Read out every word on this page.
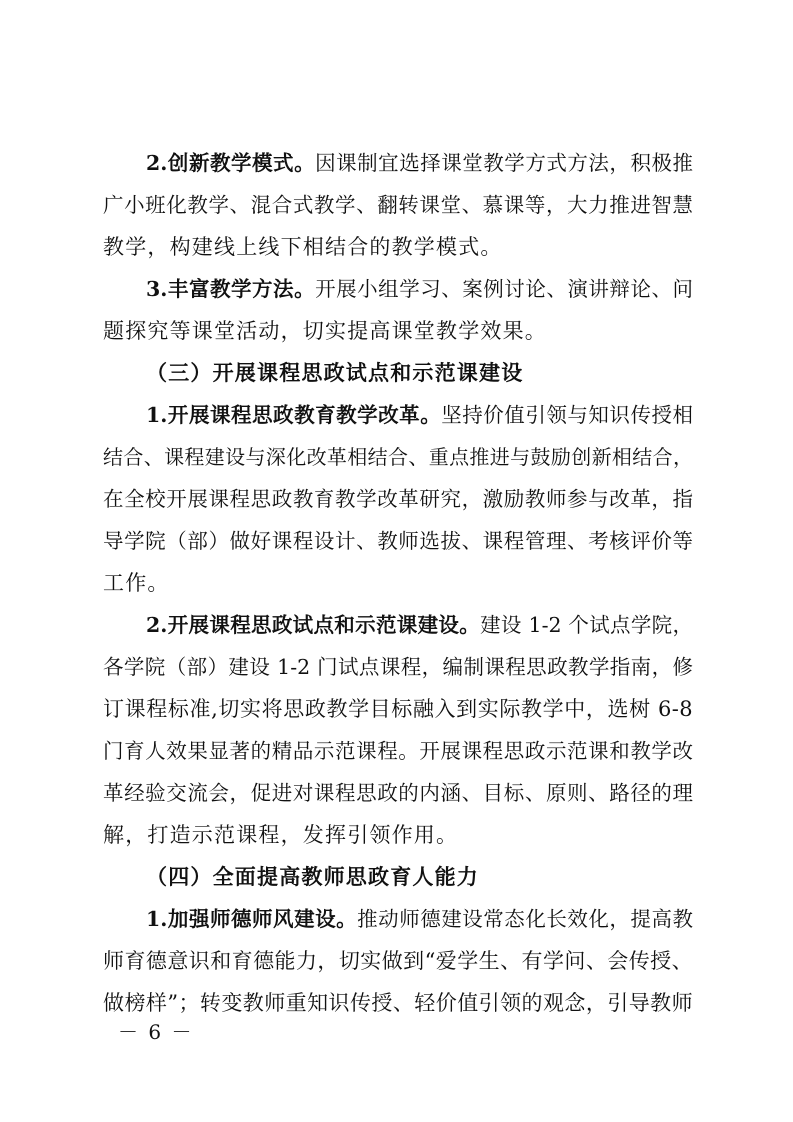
2.创新教学模式。因课制宜选择课堂教学方式方法，积极推
广小班化教学、混合式教学、翻转课堂、慕课等，大力推进智慧
教学，构建线上线下相结合的教学模式。
3.丰富教学方法。开展小组学习、案例讨论、演讲辩论、问
题探究等课堂活动，切实提高课堂教学效果。
（三）开展课程思政试点和示范课建设
1.开展课程思政教育教学改革。坚持价值引领与知识传授相
结合、课程建设与深化改革相结合、重点推进与鼓励创新相结合，
在全校开展课程思政教育教学改革研究，激励教师参与改革，指
导学院（部）做好课程设计、教师选拔、课程管理、考核评价等
工作。
2.开展课程思政试点和示范课建设。建设 1-2 个试点学院，
各学院（部）建设 1-2 门试点课程，编制课程思政教学指南，修
订课程标准,切实将思政教学目标融入到实际教学中，选树 6-8
门育人效果显著的精品示范课程。开展课程思政示范课和教学改
革经验交流会，促进对课程思政的内涵、目标、原则、路径的理
解，打造示范课程，发挥引领作用。
（四）全面提高教师思政育人能力
1.加强师德师风建设。推动师德建设常态化长效化，提高教
师育德意识和育德能力，切实做到“爱学生、有学问、会传授、
做榜样”；转变教师重知识传授、轻价值引领的观念，引导教师
－ 6 －
